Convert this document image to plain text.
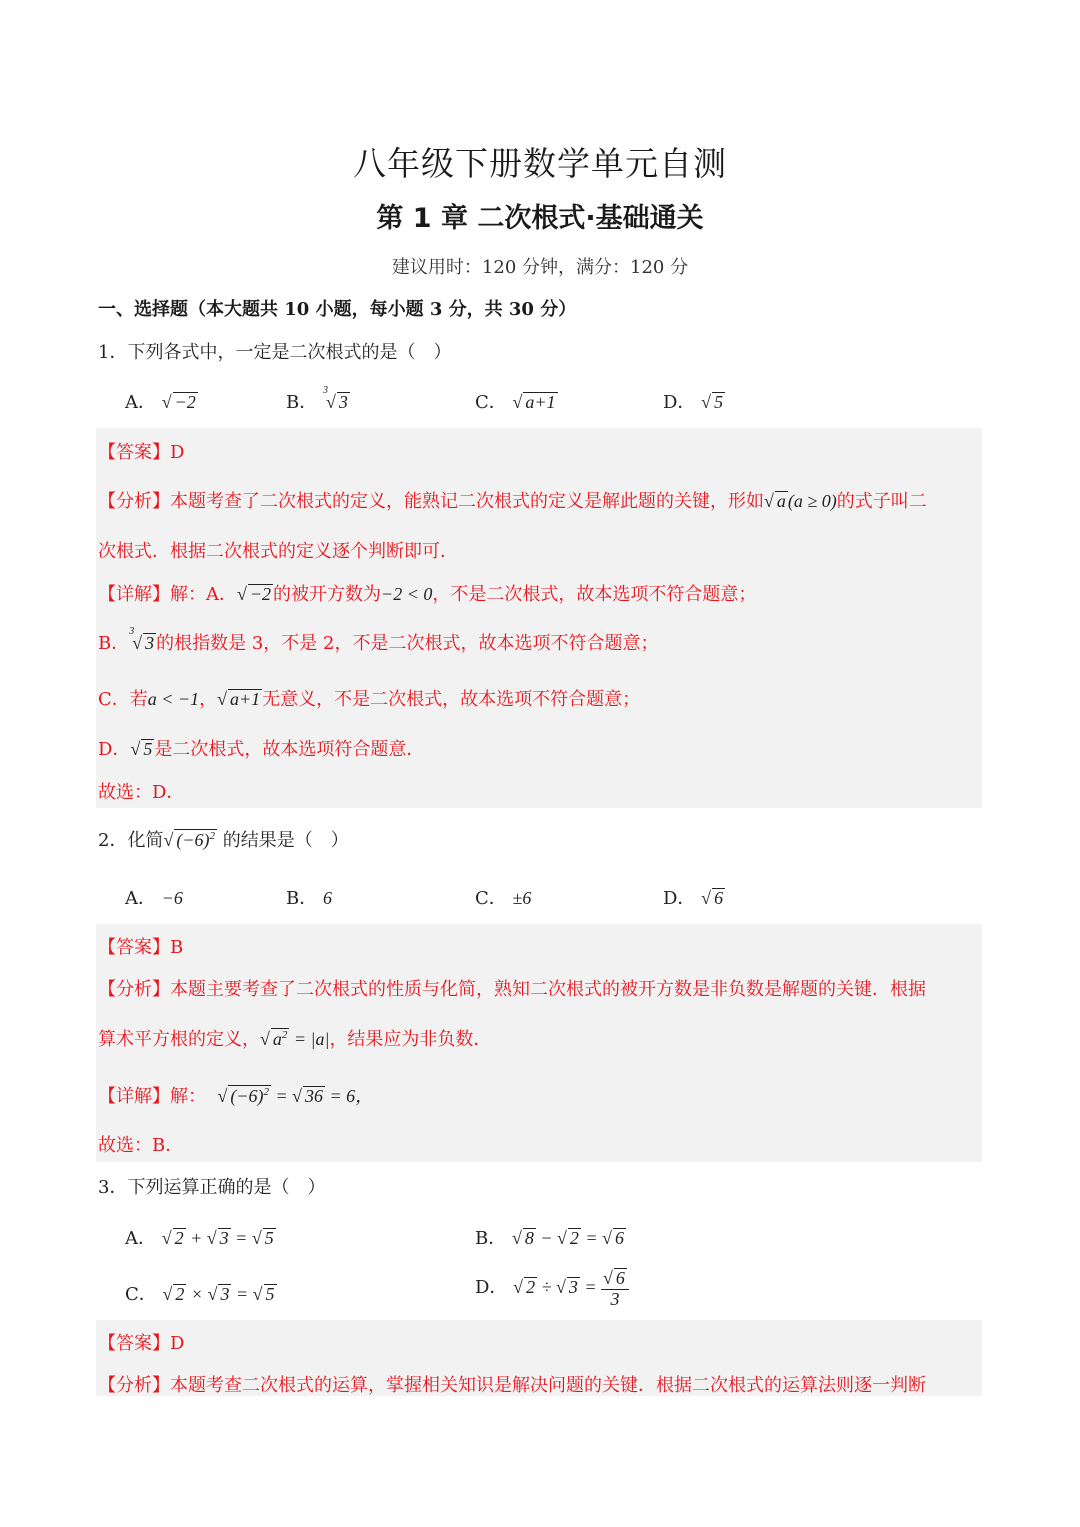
八年级下册数学单元自测
第 1 章 二次根式·基础通关
建议用时：120 分钟，满分：120 分
一、选择题（本大题共 10 小题，每小题 3 分，共 30 分）
1．下列各式中，一定是二次根式的是（　）
A． √ −2	B． $^3$√ 3	C． √ a+1	D． √ 5
【答案】D
【分析】本题考查了二次根式的定义，能熟记二次根式的定义是解此题的关键，形如 √ a (a ≥ 0)的式子叫二
次根式．根据二次根式的定义逐个判断即可．
【详解】解：A． √ −2 的被开方数为−2 < 0，不是二次根式，故本选项不符合题意；
B．$^3$√ 3 的根指数是 3，不是 2，不是二次根式，故本选项不符合题意；
C．若a < −1， √ a+1 无意义，不是二次根式，故本选项不符合题意；
D． √ 5 是二次根式，故本选项符合题意．
故选：D．
2．化简 √ $(-6)^2$ 的结果是（　）
A． −6	B． 6	C． ±6	D． √ 6
【答案】B
【分析】本题主要考查了二次根式的性质与化简，熟知二次根式的被开方数是非负数是解题的关键．根据
算术平方根的定义， √ $a^2 = |a|$，结果应为非负数．
【详解】解： √ $(-6)^2$ = √ 36 = 6，
故选：B．
3．下列运算正确的是（　）
A． √ 2 + √ 3 = √ 5	B． √ 8 − √ 2 = √ 6
C． √ 2 × √ 3 = √ 5	D． √ 2 ÷ √ 3 = √ $\frac{6}{3}$
【答案】D
【分析】本题考查二次根式的运算，掌握相关知识是解决问题的关键．根据二次根式的运算法则逐一判断
